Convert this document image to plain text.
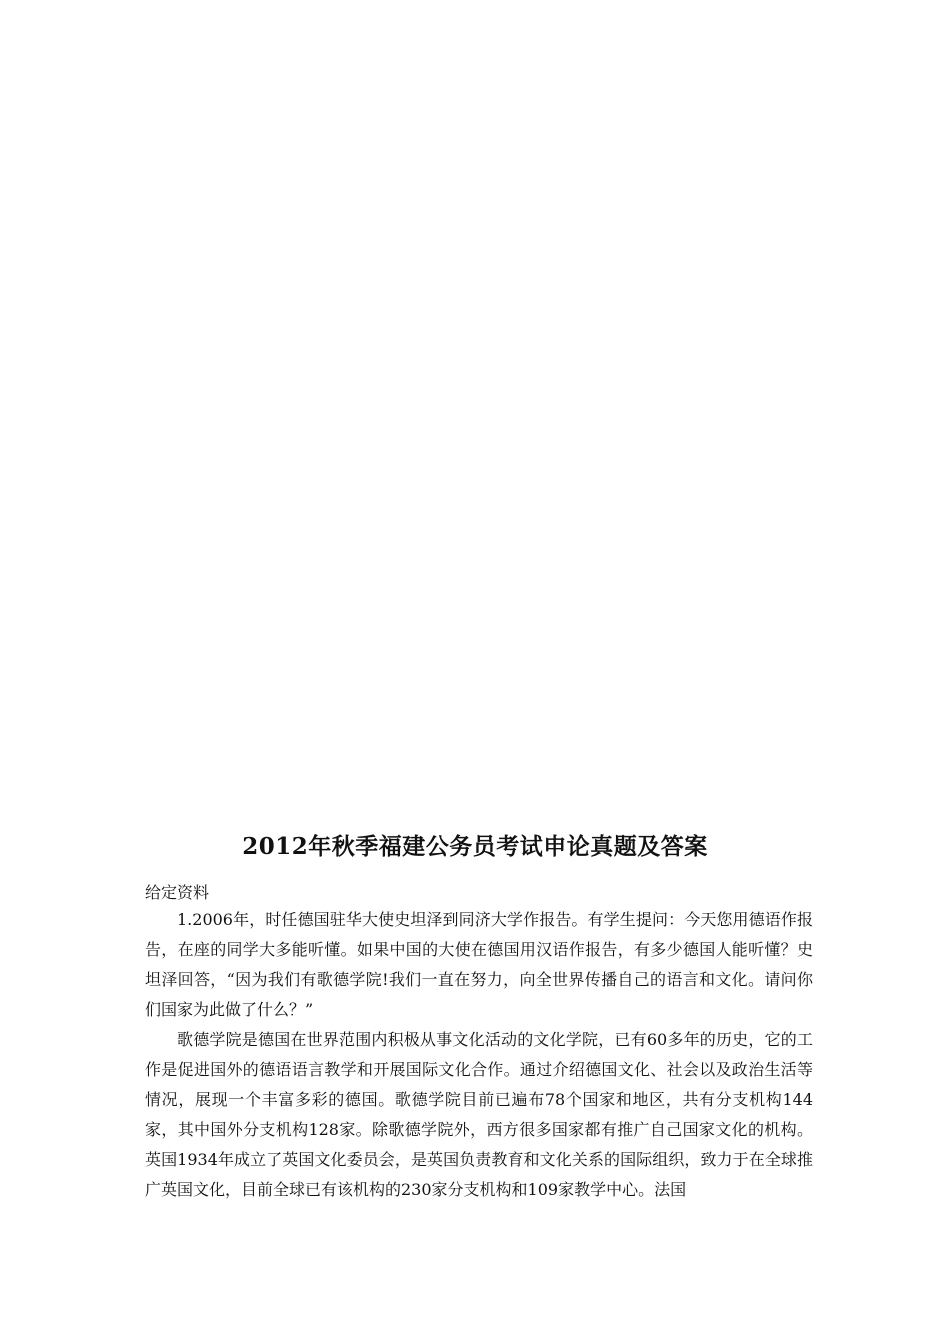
2012年秋季福建公务员考试申论真题及答案
给定资料

1.2006年，时任德国驻华大使史坦泽到同济大学作报告。有学生提问：今天您用德语作报告，在座的同学大多能听懂。如果中国的大使在德国用汉语作报告，有多少德国人能听懂？史坦泽回答，“因为我们有歌德学院!我们一直在努力，向全世界传播自己的语言和文化。请问你们国家为此做了什么？”

歌德学院是德国在世界范围内积极从事文化活动的文化学院，已有60多年的历史，它的工作是促进国外的德语语言教学和开展国际文化合作。通过介绍德国文化、社会以及政治生活等情况，展现一个丰富多彩的德国。歌德学院目前已遍布78个国家和地区，共有分支机构144家，其中国外分支机构128家。除歌德学院外，西方很多国家都有推广自己国家文化的机构。英国1934年成立了英国文化委员会，是英国负责教育和文化关系的国际组织，致力于在全球推广英国文化，目前全球已有该机构的230家分支机构和109家教学中心。法国
